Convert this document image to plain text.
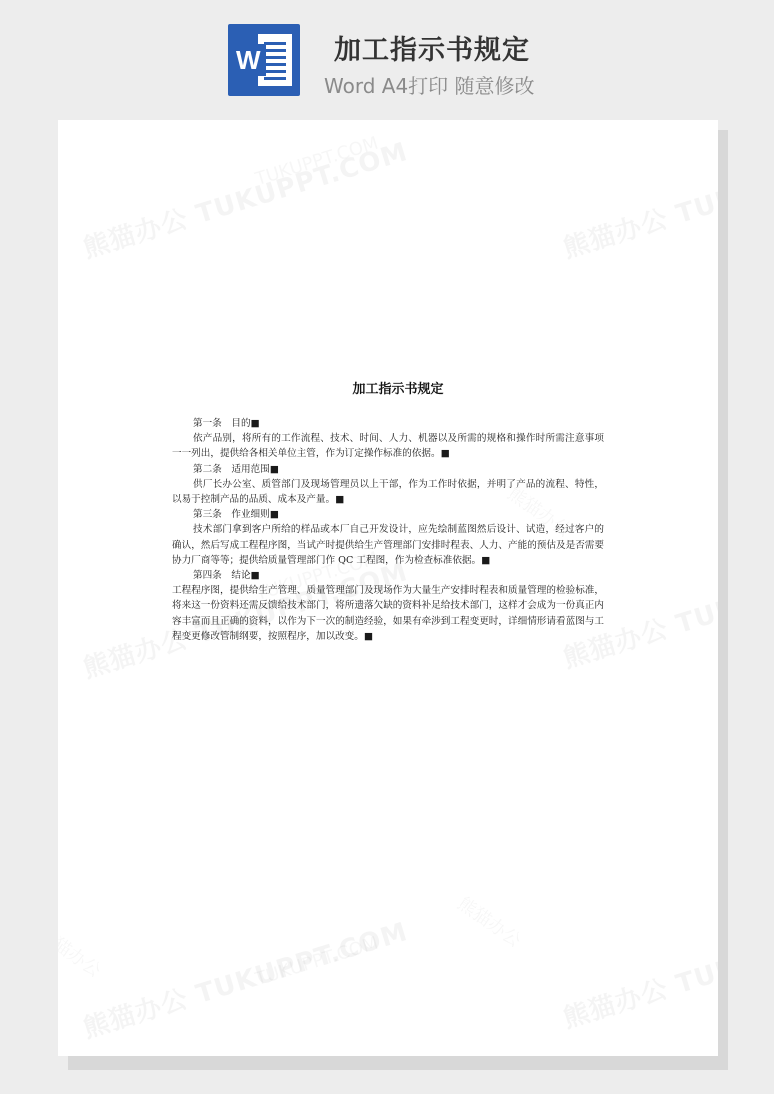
W	加工指示书规定
Word A4打印 随意修改
加工指示书规定

第一条　目的■

依产品别，将所有的工作流程、技术、时间、人力、机器以及所需的规格和操作时所需注意事项一一列出，提供给各相关单位主管，作为订定操作标准的依据。■

第二条　适用范围■

供厂长办公室、质管部门及现场管理员以上干部，作为工作时依据，并明了产品的流程、特性，以易于控制产品的品质、成本及产量。■

第三条　作业细则■

技术部门拿到客户所给的样品或本厂自己开发设计，应先绘制蓝图然后设计、试造，经过客户的确认，然后写成工程程序图，当试产时提供给生产管理部门安排时程表、人力、产能的预估及是否需要协力厂商等等；提供给质量管理部门作 QC 工程图，作为检查标准依据。■

第四条　结论■

工程程序图，提供给生产管理、质量管理部门及现场作为大量生产安排时程表和质量管理的检验标准，将来这一份资料还需反馈给技术部门，将所遗落欠缺的资料补足给技术部门，这样才会成为一份真正内容丰富而且正确的资料，以作为下一次的制造经验，如果有牵涉到工程变更时，详细情形请看蓝图与工程变更修改管制纲要，按照程序，加以改变。■
